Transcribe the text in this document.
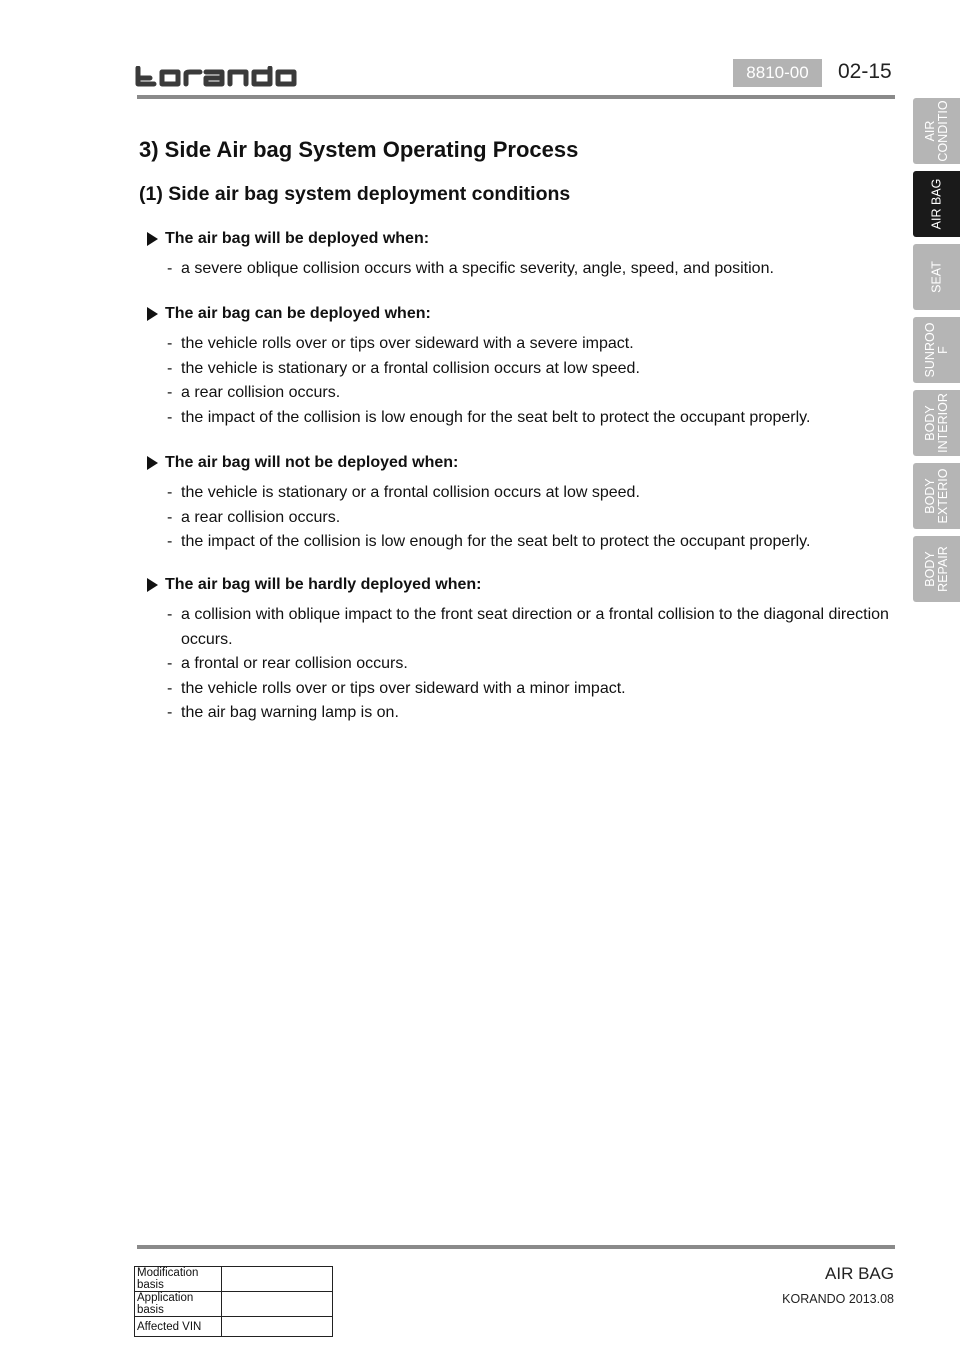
8810-00	02-15
AIR
CONDITIO
AIR BAG
SEAT
SUNROO
F
BODY
INTERIOR
BODY
EXTERIO
BODY
REPAIR
3) Side Air bag System Operating Process
(1) Side air bag system deployment conditions
The air bag will be deployed when:
- a severe oblique collision occurs with a specific severity, angle, speed, and position.
The air bag can be deployed when:
- the vehicle rolls over or tips over sideward with a severe impact.
- the vehicle is stationary or a frontal collision occurs at low speed.
- a rear collision occurs.
- the impact of the collision is low enough for the seat belt to protect the occupant properly.
The air bag will not be deployed when:
- the vehicle is stationary or a frontal collision occurs at low speed.
- a rear collision occurs.
- the impact of the collision is low enough for the seat belt to protect the occupant properly.
The air bag will be hardly deployed when:
- a collision with oblique impact to the front seat direction or a frontal collision to the diagonal direction occurs.
- a frontal or rear collision occurs.
- the vehicle rolls over or tips over sideward with a minor impact.
- the air bag warning lamp is on.
Modification basis	
Application basis	
Affected VIN	
AIR BAG
KORANDO 2013.08
